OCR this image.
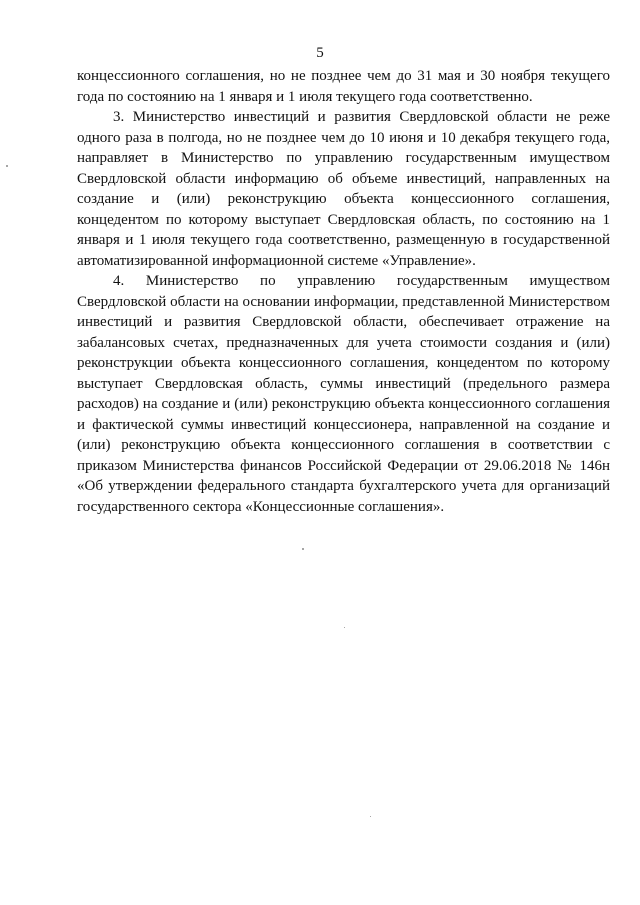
5

концессионного соглашения, но не позднее чем до 31 мая и 30 ноября текущего года по состоянию на 1 января и 1 июля текущего года соответственно.

3. Министерство инвестиций и развития Свердловской области не реже одного раза в полгода, но не позднее чем до 10 июня и 10 декабря текущего года, направляет в Министерство по управлению государственным имуществом Свердловской области информацию об объеме инвестиций, направленных на создание и (или) реконструкцию объекта концессионного соглашения, концедентом по которому выступает Свердловская область, по состоянию на 1 января и 1 июля текущего года соответственно, размещенную в государственной автоматизированной информационной системе «Управление».

4. Министерство по управлению государственным имуществом Свердловской области на основании информации, представленной Министерством инвестиций и развития Свердловской области, обеспечивает отражение на забалансовых счетах, предназначенных для учета стоимости создания и (или) реконструкции объекта концессионного соглашения, концедентом по которому выступает Свердловская область, суммы инвестиций (предельного размера расходов) на создание и (или) реконструкцию объекта концессионного соглашения и фактической суммы инвестиций концессионера, направленной на создание и (или) реконструкцию объекта концессионного соглашения в соответствии с приказом Министерства финансов Российской Федерации от 29.06.2018 № 146н «Об утверждении федерального стандарта бухгалтерского учета для организаций государственного сектора «Концессионные соглашения».
